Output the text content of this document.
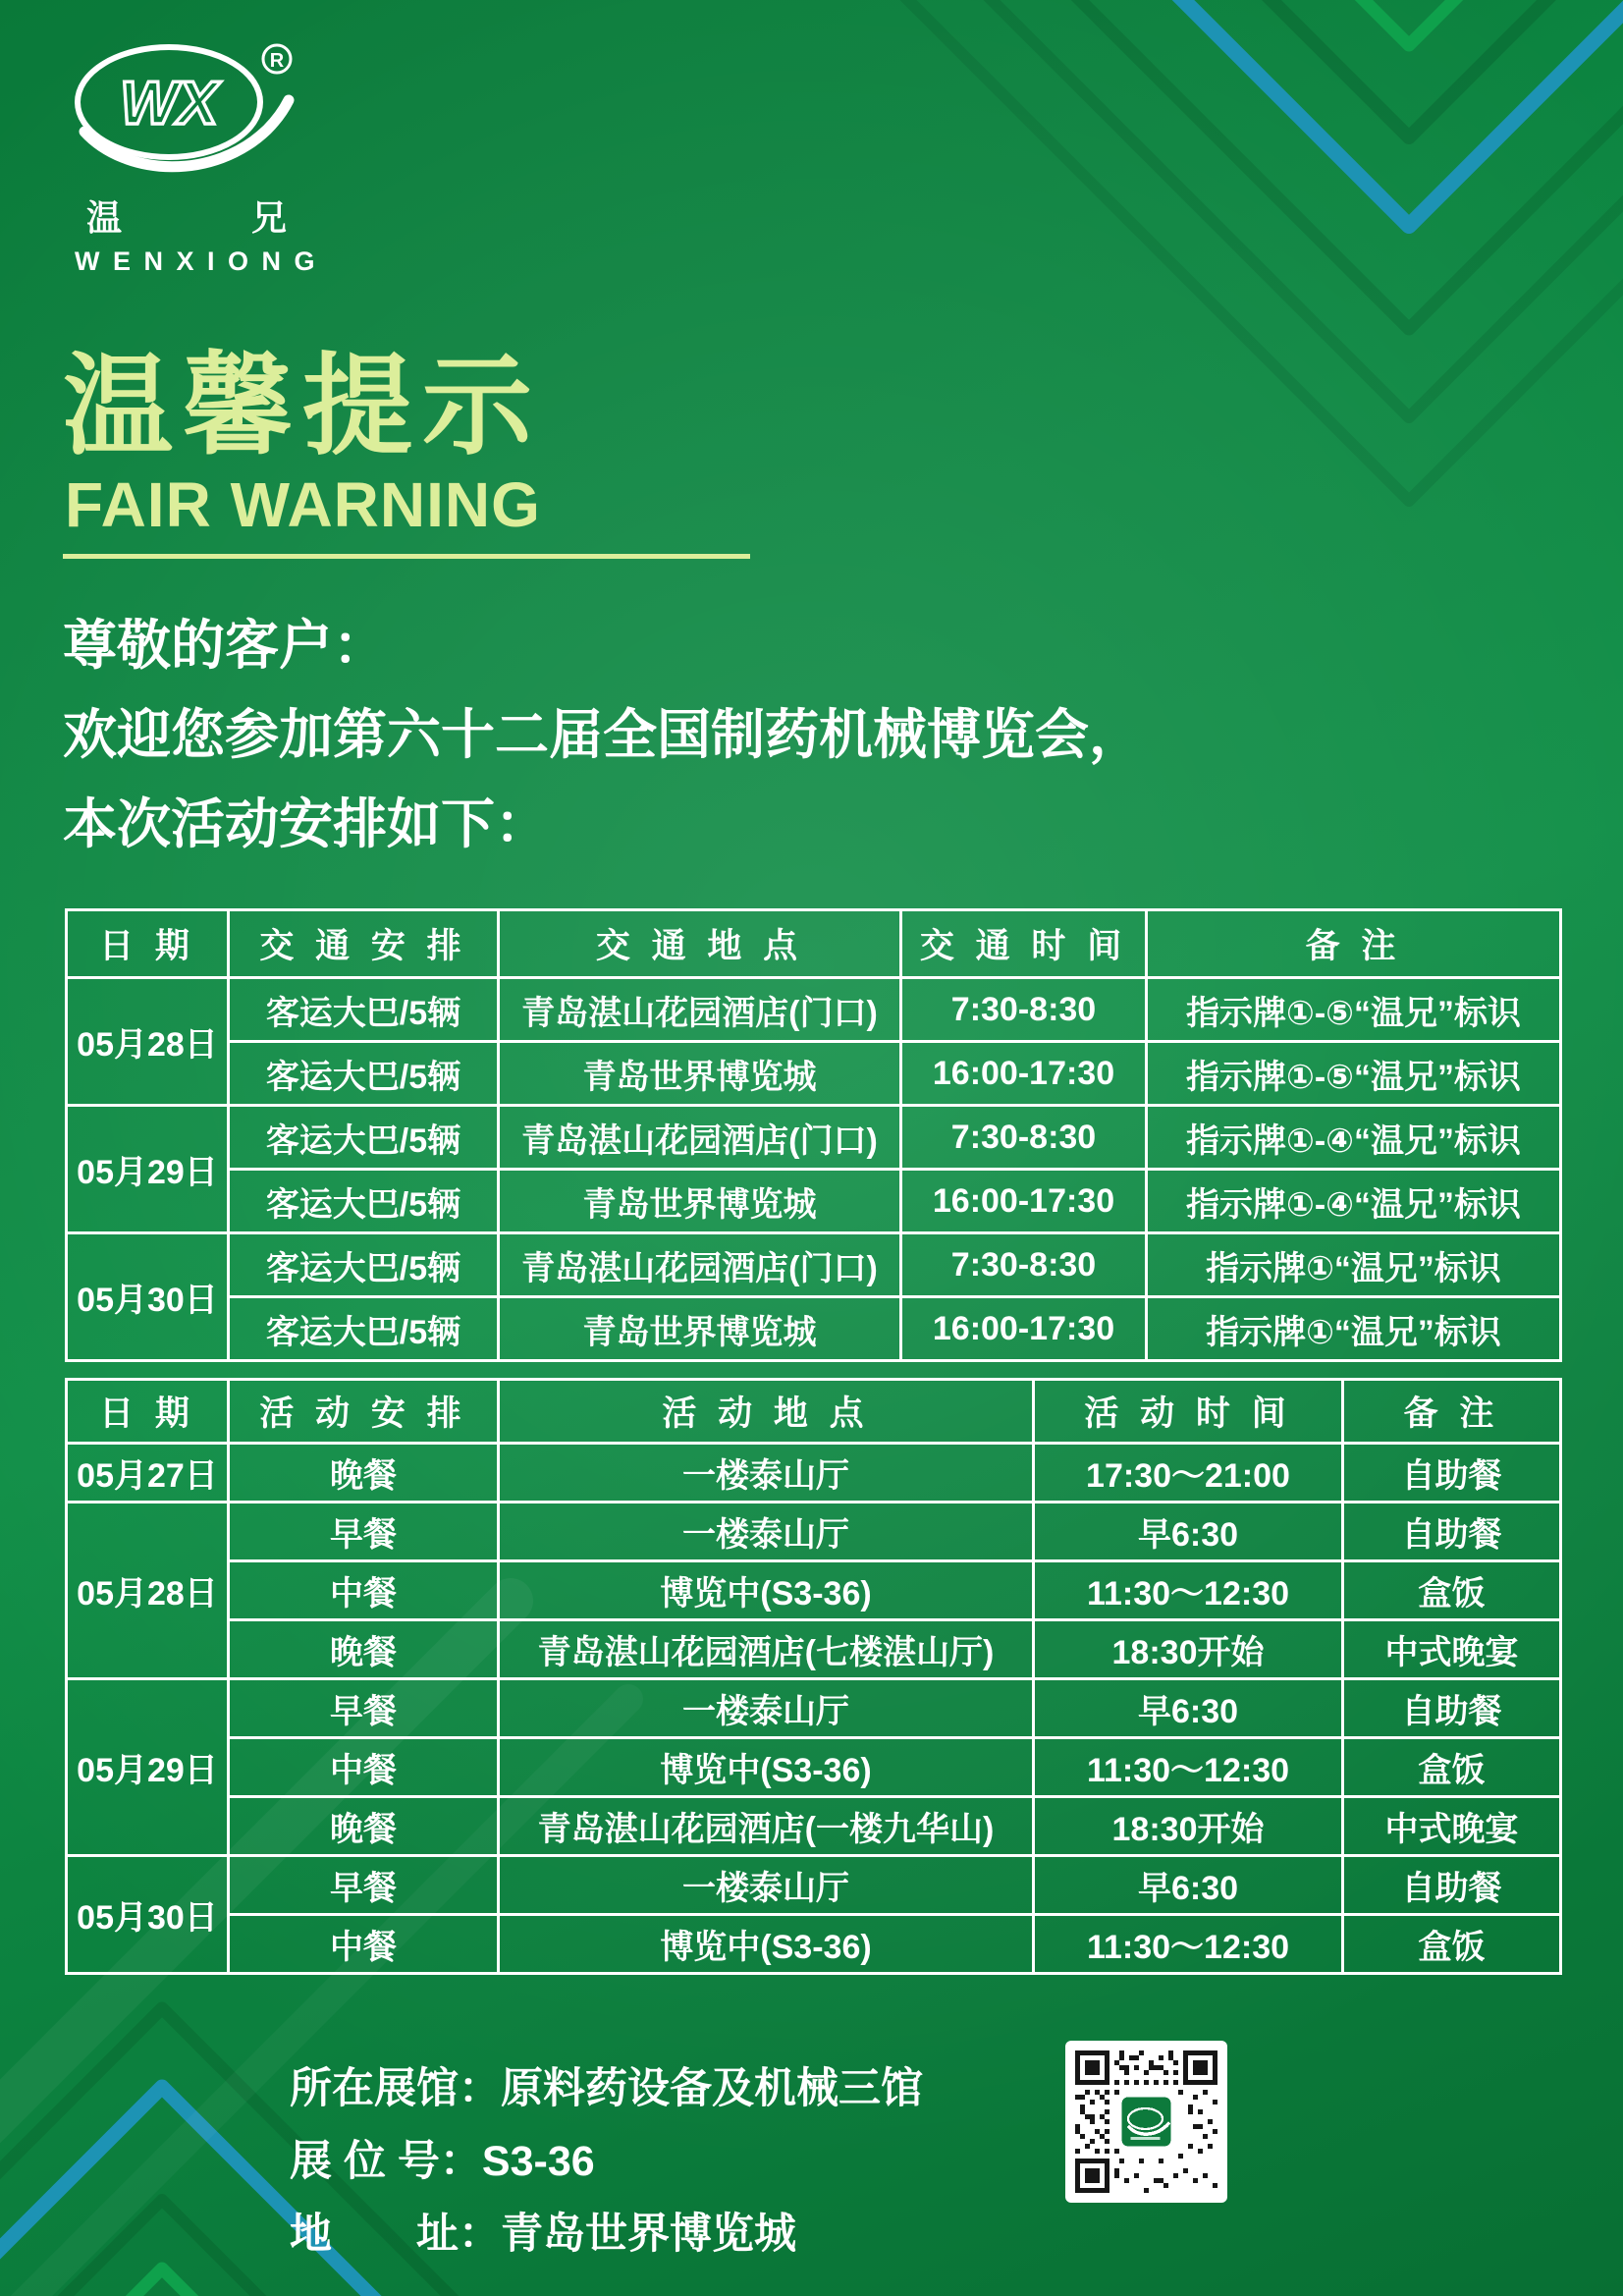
WX
R
温兄
WENXIONG
温馨提示
FAIR WARNING

尊敬的客户：

欢迎您参加第六十二届全国制药机械博览会，

本次活动安排如下：

日 期	交 通 安 排	交 通 地 点	交 通 时 间	备 注
05月28日	客运大巴/5辆	青岛湛山花园酒店(门口)	7:30-8:30	指示牌①-⑤“温兄”标识
	客运大巴/5辆	青岛世界博览城	16:00-17:30	指示牌①-⑤“温兄”标识
05月29日	客运大巴/5辆	青岛湛山花园酒店(门口)	7:30-8:30	指示牌①-④“温兄”标识
	客运大巴/5辆	青岛世界博览城	16:00-17:30	指示牌①-④“温兄”标识
05月30日	客运大巴/5辆	青岛湛山花园酒店(门口)	7:30-8:30	指示牌①“温兄”标识
	客运大巴/5辆	青岛世界博览城	16:00-17:30	指示牌①“温兄”标识
日 期	活 动 安 排	活 动 地 点	活 动 时 间	备 注
05月27日	晚餐	一楼泰山厅	17:30～21:00	自助餐
05月28日	早餐	一楼泰山厅	早6:30	自助餐
	中餐	博览中(S3-36)	11:30～12:30	盒饭
	晚餐	青岛湛山花园酒店(七楼湛山厅)	18:30开始	中式晚宴
05月29日	早餐	一楼泰山厅	早6:30	自助餐
	中餐	博览中(S3-36)	11:30～12:30	盒饭
	晚餐	青岛湛山花园酒店(一楼九华山)	18:30开始	中式晚宴
05月30日	早餐	一楼泰山厅	早6:30	自助餐
	中餐	博览中(S3-36)	11:30～12:30	盒饭

所在展馆：原料药设备及机械三馆

展 位 号：S3-36

地　　址：青岛世界博览城
